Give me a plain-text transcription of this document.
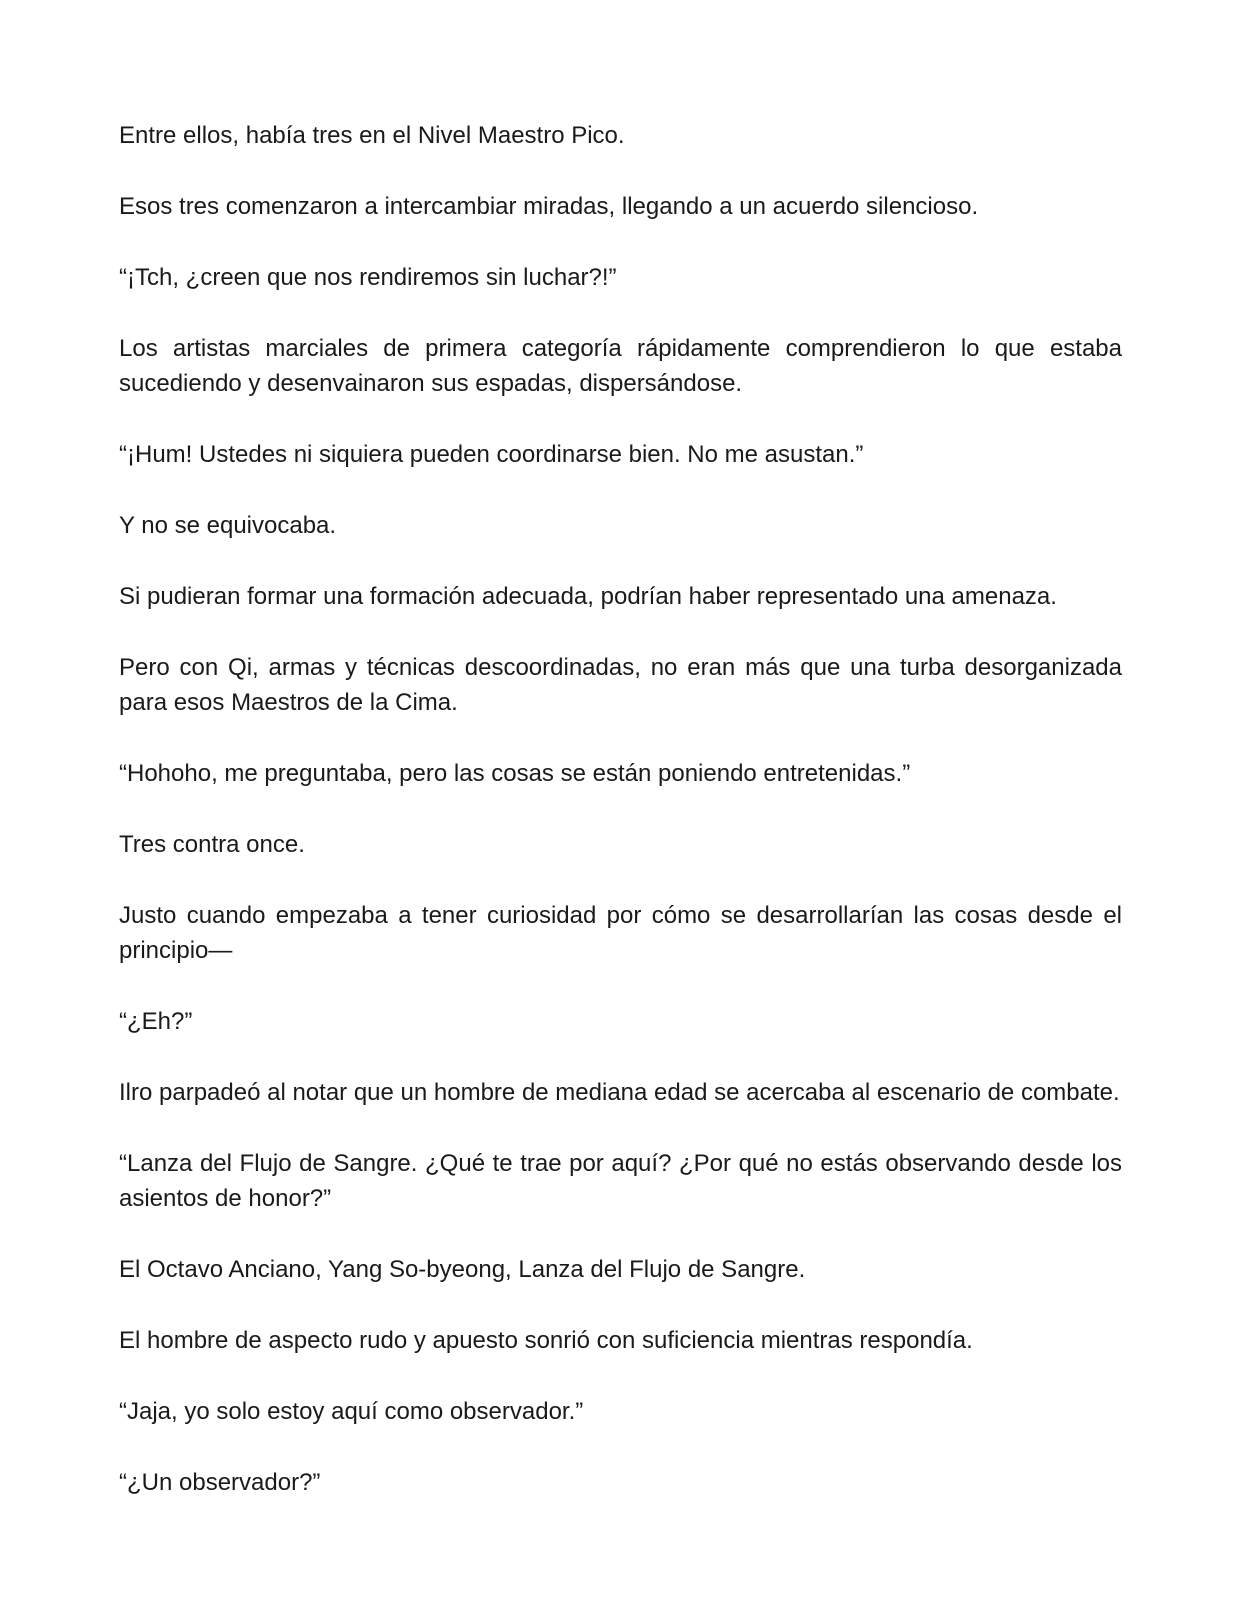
Entre ellos, había tres en el Nivel Maestro Pico.

Esos tres comenzaron a intercambiar miradas, llegando a un acuerdo silencioso.

“¡Tch, ¿creen que nos rendiremos sin luchar?!”

Los artistas marciales de primera categoría rápidamente comprendieron lo que estaba sucediendo y desenvainaron sus espadas, dispersándose.

“¡Hum! Ustedes ni siquiera pueden coordinarse bien. No me asustan.”

Y no se equivocaba.

Si pudieran formar una formación adecuada, podrían haber representado una amenaza.

Pero con Qi, armas y técnicas descoordinadas, no eran más que una turba desorganizada para esos Maestros de la Cima.

“Hohoho, me preguntaba, pero las cosas se están poniendo entretenidas.”

Tres contra once.

Justo cuando empezaba a tener curiosidad por cómo se desarrollarían las cosas desde el principio—

“¿Eh?”

Ilro parpadeó al notar que un hombre de mediana edad se acercaba al escenario de combate.

“Lanza del Flujo de Sangre. ¿Qué te trae por aquí? ¿Por qué no estás observando desde los asientos de honor?”

El Octavo Anciano, Yang So-byeong, Lanza del Flujo de Sangre.

El hombre de aspecto rudo y apuesto sonrió con suficiencia mientras respondía.

“Jaja, yo solo estoy aquí como observador.”

“¿Un observador?”
